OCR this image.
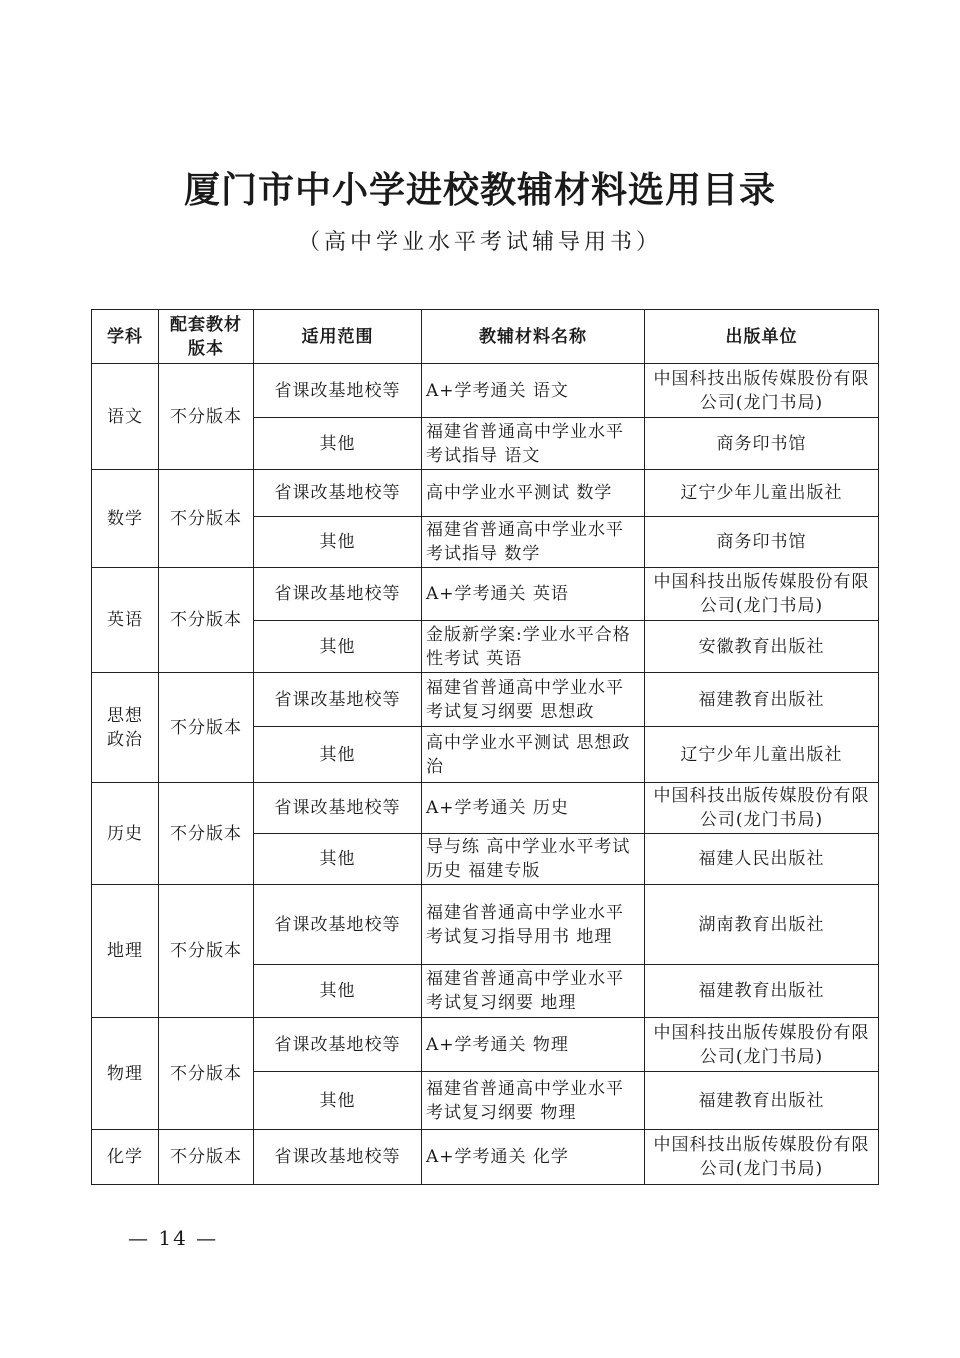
厦门市中小学进校教辅材料选用目录
（高中学业水平考试辅导用书）
学科	配套教材版本	适用范围	教辅材料名称	出版单位
语文	不分版本	省课改基地校等	A+学考通关 语文	中国科技出版传媒股份有限公司(龙门书局)
		其他	福建省普通高中学业水平考试指导 语文	商务印书馆
数学	不分版本	省课改基地校等	高中学业水平测试 数学	辽宁少年儿童出版社
		其他	福建省普通高中学业水平考试指导 数学	商务印书馆
英语	不分版本	省课改基地校等	A+学考通关 英语	中国科技出版传媒股份有限公司(龙门书局)
		其他	金版新学案:学业水平合格性考试 英语	安徽教育出版社
思想政治	不分版本	省课改基地校等	福建省普通高中学业水平考试复习纲要 思想政	福建教育出版社
		其他	高中学业水平测试 思想政治	辽宁少年儿童出版社
历史	不分版本	省课改基地校等	A+学考通关 历史	中国科技出版传媒股份有限公司(龙门书局)
		其他	导与练 高中学业水平考试 历史 福建专版	福建人民出版社
地理	不分版本	省课改基地校等	福建省普通高中学业水平考试复习指导用书 地理	湖南教育出版社
		其他	福建省普通高中学业水平考试复习纲要 地理	福建教育出版社
物理	不分版本	省课改基地校等	A+学考通关 物理	中国科技出版传媒股份有限公司(龙门书局)
		其他	福建省普通高中学业水平考试复习纲要 物理	福建教育出版社
化学	不分版本	省课改基地校等	A+学考通关 化学	中国科技出版传媒股份有限公司(龙门书局)
— 14 —
